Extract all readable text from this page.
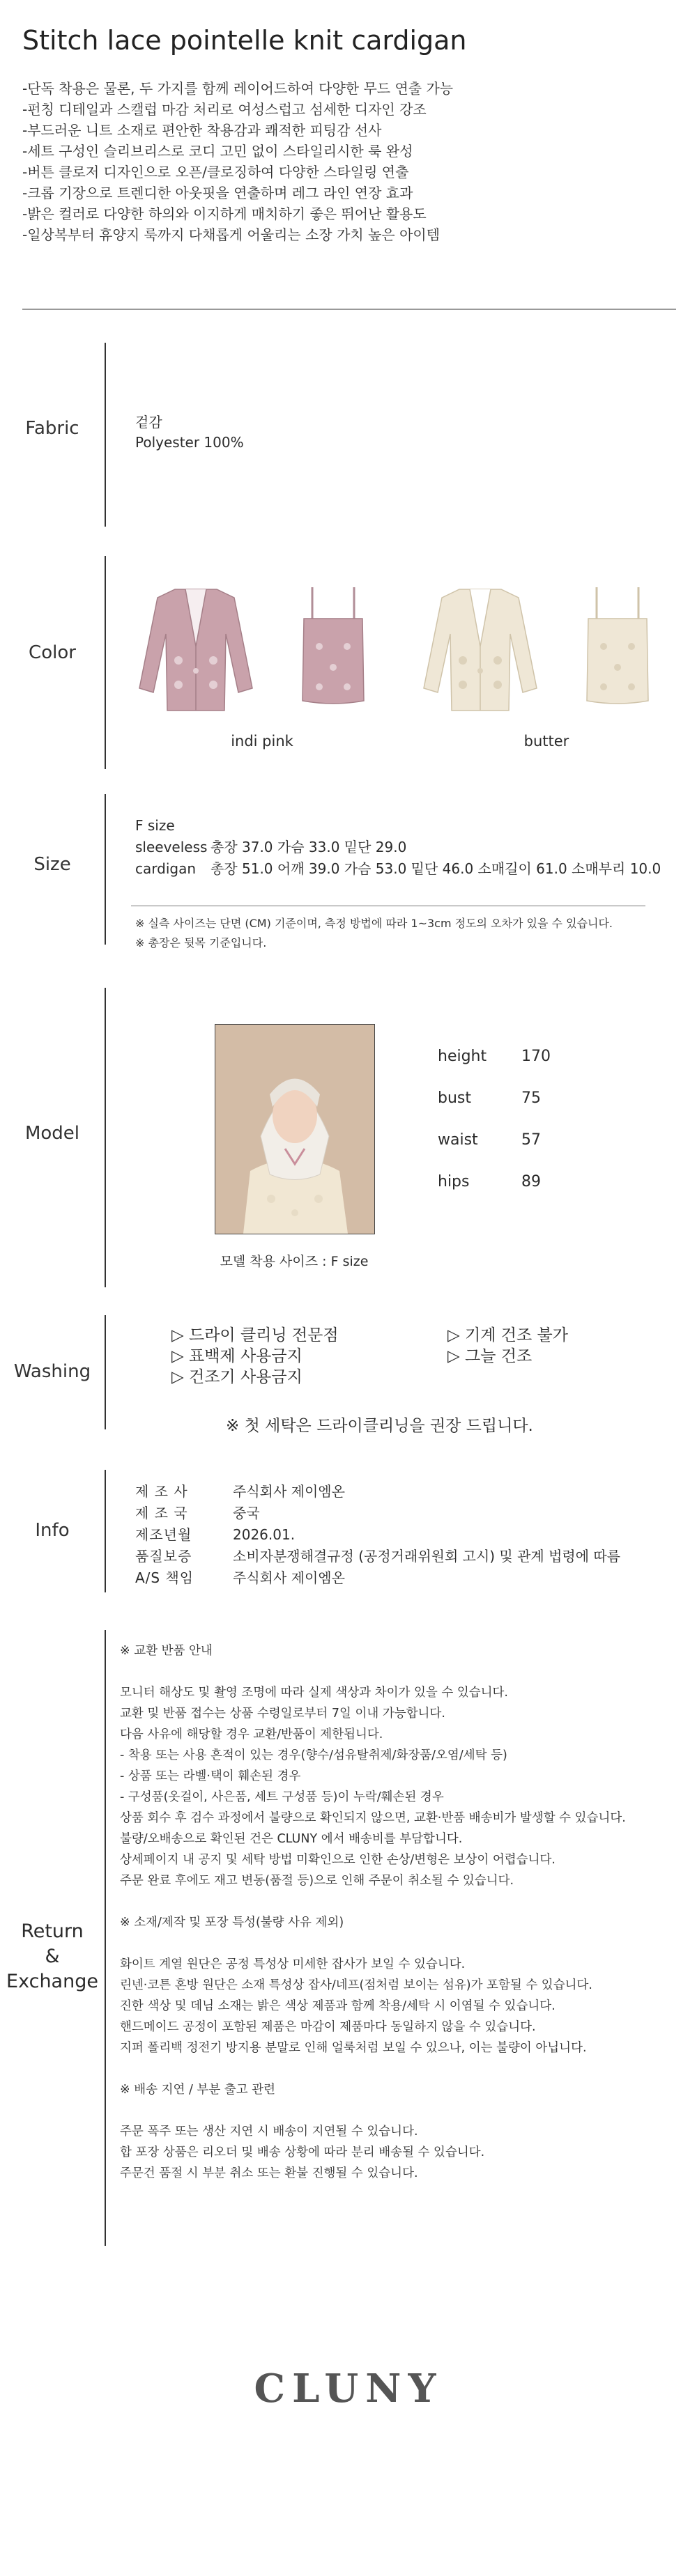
Stitch lace pointelle knit cardigan
-단독 착용은 물론, 두 가지를 함께 레이어드하여 다양한 무드 연출 가능
-펀칭 디테일과 스캘럽 마감 처리로 여성스럽고 섬세한 디자인 강조
-부드러운 니트 소재로 편안한 착용감과 쾌적한 피팅감 선사
-세트 구성인 슬리브리스로 코디 고민 없이 스타일리시한 룩 완성
-버튼 클로저 디자인으로 오픈/클로징하여 다양한 스타일링 연출
-크롭 기장으로 트렌디한 아웃핏을 연출하며 레그 라인 연장 효과
-밝은 컬러로 다양한 하의와 이지하게 매치하기 좋은 뛰어난 활용도
-일상복부터 휴양지 룩까지 다채롭게 어울리는 소장 가치 높은 아이템
Fabric	겉감
Polyester 100%
Color
indi pink	butter
Size
F size
sleeveless 총장 37.0 가슴 33.0 밑단 29.0
cardigan 총장 51.0 어깨 39.0 가슴 53.0 밑단 46.0 소매길이 61.0 소매부리 10.0
※ 실측 사이즈는 단면 (CM) 기준이며, 측정 방법에 따라 1~3cm 정도의 오차가 있을 수 있습니다.
※ 총장은 뒷목 기준입니다.
Model
모델 착용 사이즈 : F size
height 170
bust	75
waist	57
hips	89
Washing
▷ 드라이 클리닝 전문점	▷ 기계 건조 불가
▷ 표백제 사용금지	▷ 그늘 건조
▷ 건조기 사용금지
※ 첫 세탁은 드라이클리닝을 권장 드립니다.
Info
제 조 사	주식회사 제이엠온
제 조 국	중국
제조년월	2026.01.
품질보증	소비자분쟁해결규정 (공정거래위원회 고시) 및 관계 법령에 따름
A/S 책임	주식회사 제이엠온
Return
&
Exchange
※ 교환 반품 안내
모니터 해상도 및 촬영 조명에 따라 실제 색상과 차이가 있을 수 있습니다.
교환 및 반품 접수는 상품 수령일로부터 7일 이내 가능합니다.
다음 사유에 해당할 경우 교환/반품이 제한됩니다.
- 착용 또는 사용 흔적이 있는 경우(향수/섬유탈취제/화장품/오염/세탁 등)
- 상품 또는 라벨·택이 훼손된 경우
- 구성품(옷걸이, 사은품, 세트 구성품 등)이 누락/훼손된 경우
상품 회수 후 검수 과정에서 불량으로 확인되지 않으면, 교환·반품 배송비가 발생할 수 있습니다.
불량/오배송으로 확인된 건은 CLUNY 에서 배송비를 부담합니다.
상세페이지 내 공지 및 세탁 방법 미확인으로 인한 손상/변형은 보상이 어렵습니다.
주문 완료 후에도 재고 변동(품절 등)으로 인해 주문이 취소될 수 있습니다.
※ 소재/제작 및 포장 특성(불량 사유 제외)
화이트 계열 원단은 공정 특성상 미세한 잡사가 보일 수 있습니다.
린넨·코튼 혼방 원단은 소재 특성상 잡사/네프(점처럼 보이는 섬유)가 포함될 수 있습니다.
진한 색상 및 데님 소재는 밝은 색상 제품과 함께 착용/세탁 시 이염될 수 있습니다.
핸드메이드 공정이 포함된 제품은 마감이 제품마다 동일하지 않을 수 있습니다.
지퍼 폴리백 정전기 방지용 분말로 인해 얼룩처럼 보일 수 있으나, 이는 불량이 아닙니다.
※ 배송 지연 / 부분 출고 관련
주문 폭주 또는 생산 지연 시 배송이 지연될 수 있습니다.
합 포장 상품은 리오더 및 배송 상황에 따라 분리 배송될 수 있습니다.
주문건 품절 시 부분 취소 또는 환불 진행될 수 있습니다.
CLUNY
